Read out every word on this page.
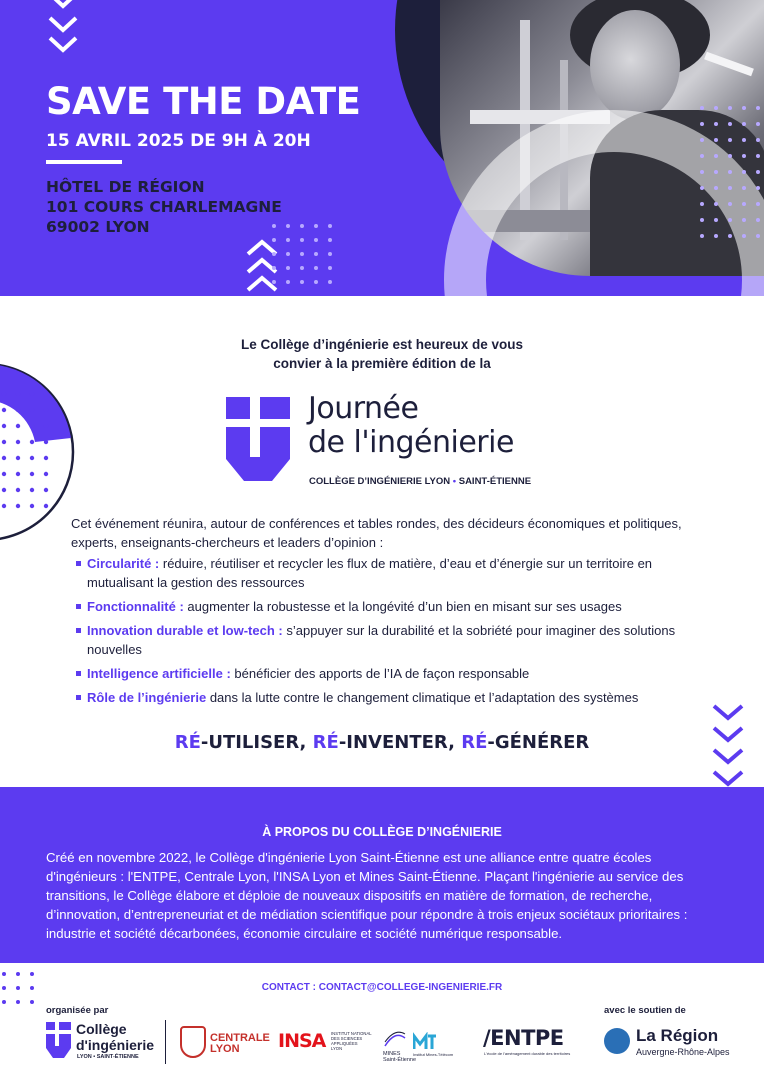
SAVE THE DATE
15 AVRIL 2025 DE 9H À 20H
HÔTEL DE RÉGION
101 COURS CHARLEMAGNE
69002 LYON
Le Collège d’ingénierie est heureux de vous
convier à la première édition de la
Journée
de l'ingénierie
COLLÈGE D’INGÉNIERIE LYON • SAINT-ÉTIENNE
Cet événement réunira, autour de conférences et tables rondes, des décideurs économiques et politiques, experts, enseignants-chercheurs et leaders d’opinion :
Circularité : réduire, réutiliser et recycler les flux de matière, d’eau et d’énergie sur un territoire en mutualisant la gestion des ressources
Fonctionnalité : augmenter la robustesse et la longévité d’un bien en misant sur ses usages
Innovation durable et low-tech : s’appuyer sur la durabilité et la sobriété pour imaginer des solutions nouvelles
Intelligence artificielle : bénéficier des apports de l’IA de façon responsable
Rôle de l’ingénierie dans la lutte contre le changement climatique et l’adaptation des systèmes
RÉ-UTILISER, RÉ-INVENTER, RÉ-GÉNÉRER
À PROPOS DU COLLÈGE D’INGÉNIERIE
Créé en novembre 2022, le Collège d'ingénierie Lyon Saint-Étienne est une alliance entre quatre écoles d'ingénieurs : l'ENTPE, Centrale Lyon, l'INSA Lyon et Mines Saint-Étienne. Plaçant l'ingénierie au service des transitions, le Collège élabore et déploie de nouveaux dispositifs en matière de formation, de recherche, d’innovation, d’entrepreneuriat et de médiation scientifique pour répondre à trois enjeux sociétaux prioritaires : industrie et société décarbonées, économie circulaire et société numérique responsable.
CONTACT : CONTACT@COLLEGE-INGENIERIE.FR
organisée par	avec le soutien de
Collège
d'ingénierie
LYON • SAINT-ÉTIENNE
CENTRALE
LYON INSA INSTITUT NATIONAL
DES SCIENCES
APPLIQUÉES
LYON
MINES
Saint-Étienne
Institut Mines-Télécom
/ENTPE
L'école de l'aménagement durable des territoires
La Région
Auvergne-Rhône-Alpes
